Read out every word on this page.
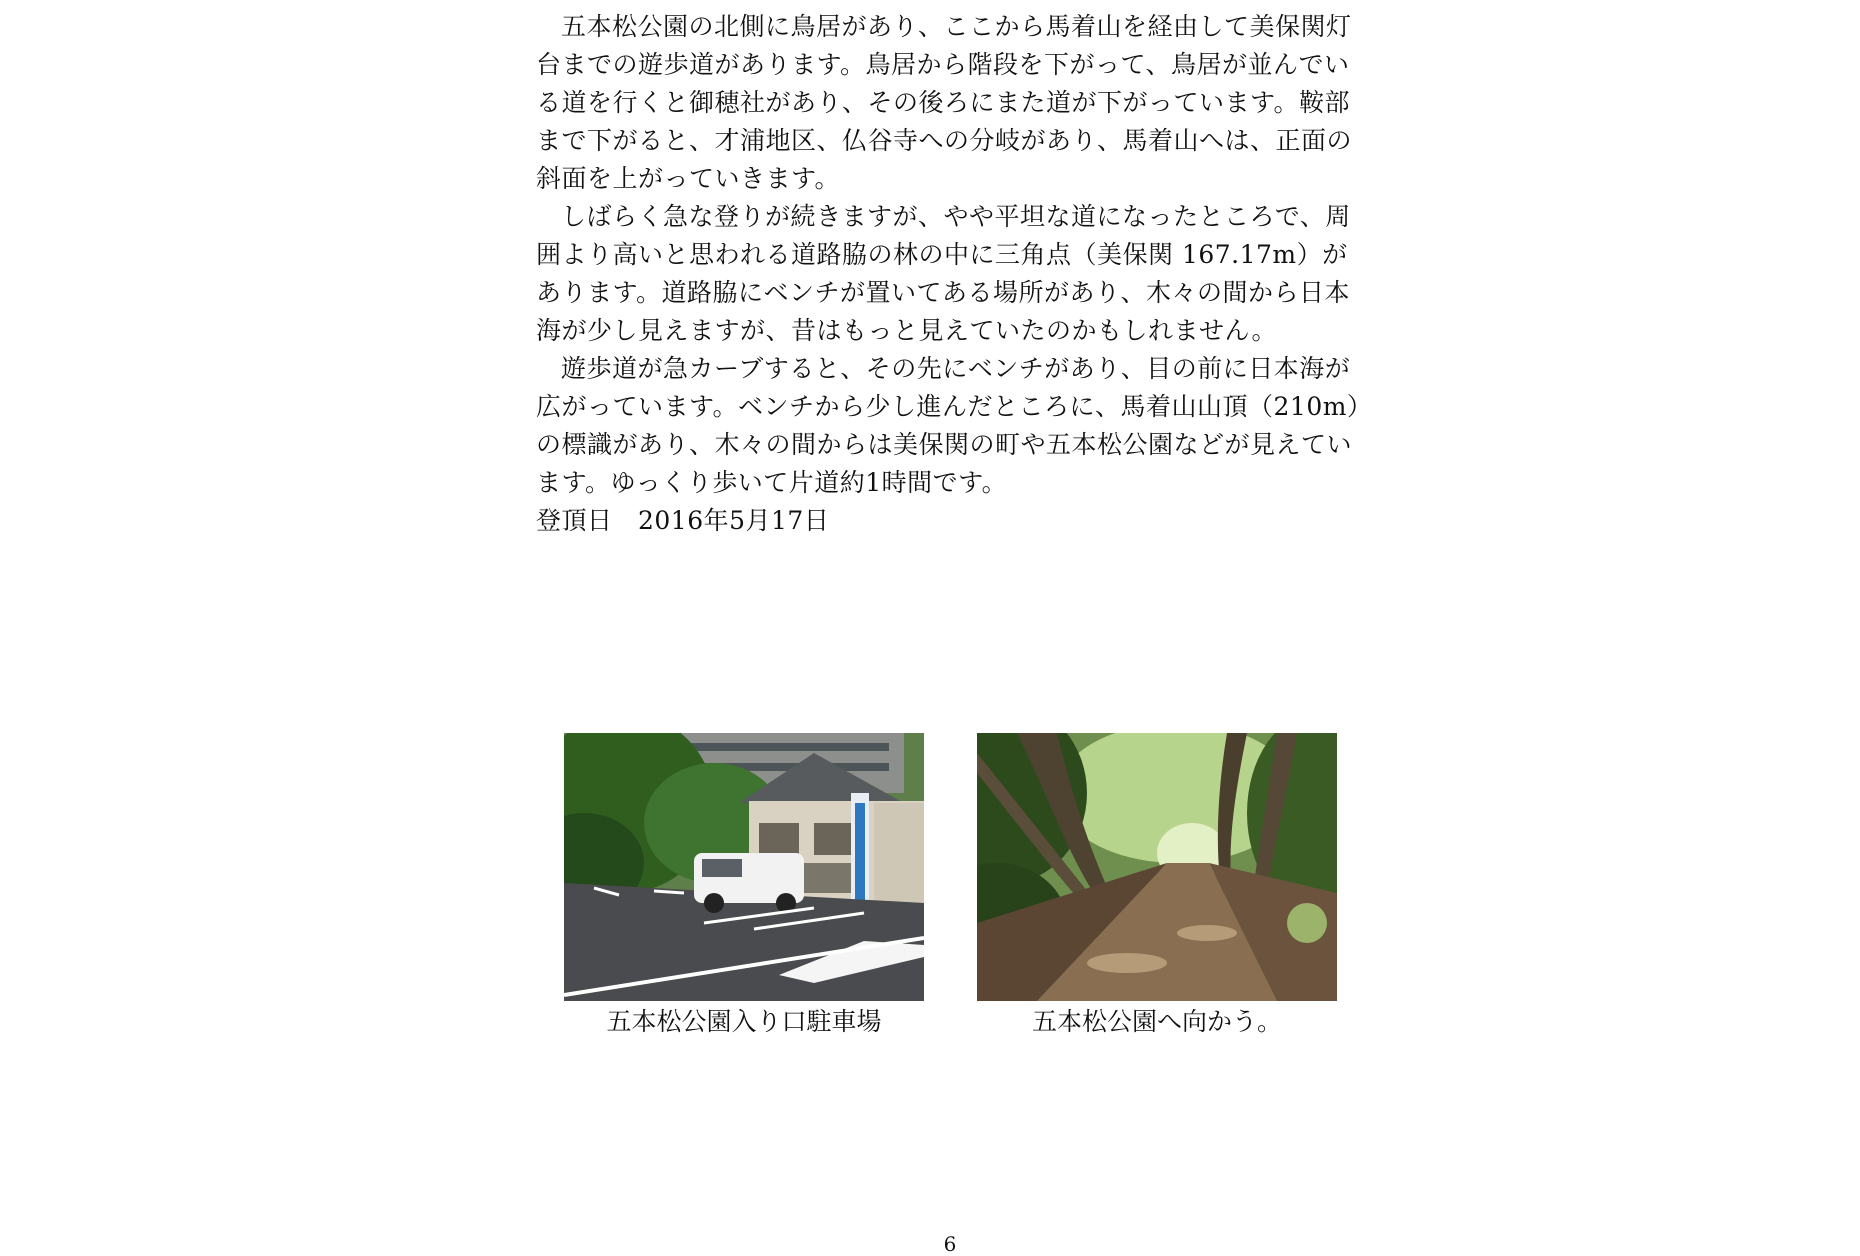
五本松公園の北側に鳥居があり、ここから馬着山を経由して美保関灯台までの遊歩道があります。鳥居から階段を下がって、鳥居が並んでいる道を行くと御穂社があり、その後ろにまた道が下がっています。鞍部まで下がると、才浦地区、仏谷寺への分岐があり、馬着山へは、正面の斜面を上がっていきます。

しばらく急な登りが続きますが、やや平坦な道になったところで、周囲より高いと思われる道路脇の林の中に三角点（美保関 167.17m）があります。道路脇にベンチが置いてある場所があり、木々の間から日本海が少し見えますが、昔はもっと見えていたのかもしれません。

遊歩道が急カーブすると、その先にベンチがあり、目の前に日本海が広がっています。ベンチから少し進んだところに、馬着山山頂（210m）の標識があり、木々の間からは美保関の町や五本松公園などが見えています。ゆっくり歩いて片道約1時間です。

登頂日　2016年5月17日

五本松公園入り口駐車場	五本松公園へ向かう。
6
